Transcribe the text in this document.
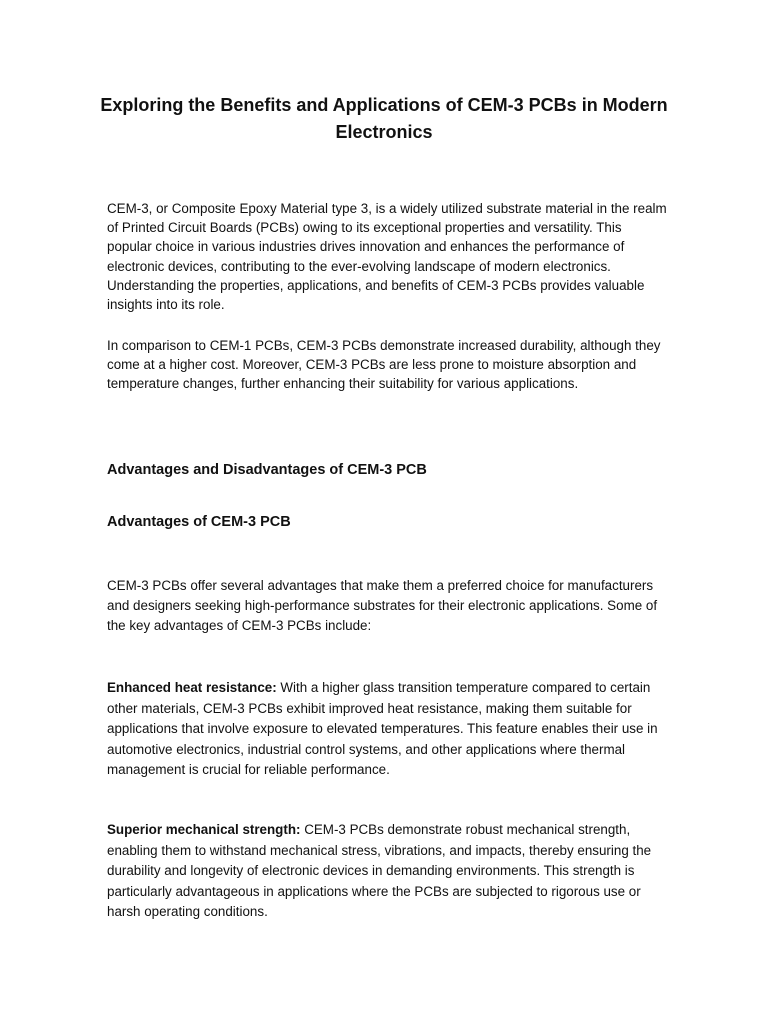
Exploring the Benefits and Applications of CEM-3 PCBs in Modern Electronics

CEM-3, or Composite Epoxy Material type 3, is a widely utilized substrate material in the realm of Printed Circuit Boards (PCBs) owing to its exceptional properties and versatility. This popular choice in various industries drives innovation and enhances the performance of electronic devices, contributing to the ever-evolving landscape of modern electronics. Understanding the properties, applications, and benefits of CEM-3 PCBs provides valuable insights into its role.

In comparison to CEM-1 PCBs, CEM-3 PCBs demonstrate increased durability, although they come at a higher cost. Moreover, CEM-3 PCBs are less prone to moisture absorption and temperature changes, further enhancing their suitability for various applications.

Advantages and Disadvantages of CEM-3 PCB
Advantages of CEM-3 PCB

CEM-3 PCBs offer several advantages that make them a preferred choice for manufacturers and designers seeking high-performance substrates for their electronic applications. Some of the key advantages of CEM-3 PCBs include:

Enhanced heat resistance: With a higher glass transition temperature compared to certain other materials, CEM-3 PCBs exhibit improved heat resistance, making them suitable for applications that involve exposure to elevated temperatures. This feature enables their use in automotive electronics, industrial control systems, and other applications where thermal management is crucial for reliable performance.

Superior mechanical strength: CEM-3 PCBs demonstrate robust mechanical strength, enabling them to withstand mechanical stress, vibrations, and impacts, thereby ensuring the durability and longevity of electronic devices in demanding environments. This strength is particularly advantageous in applications where the PCBs are subjected to rigorous use or harsh operating conditions.
